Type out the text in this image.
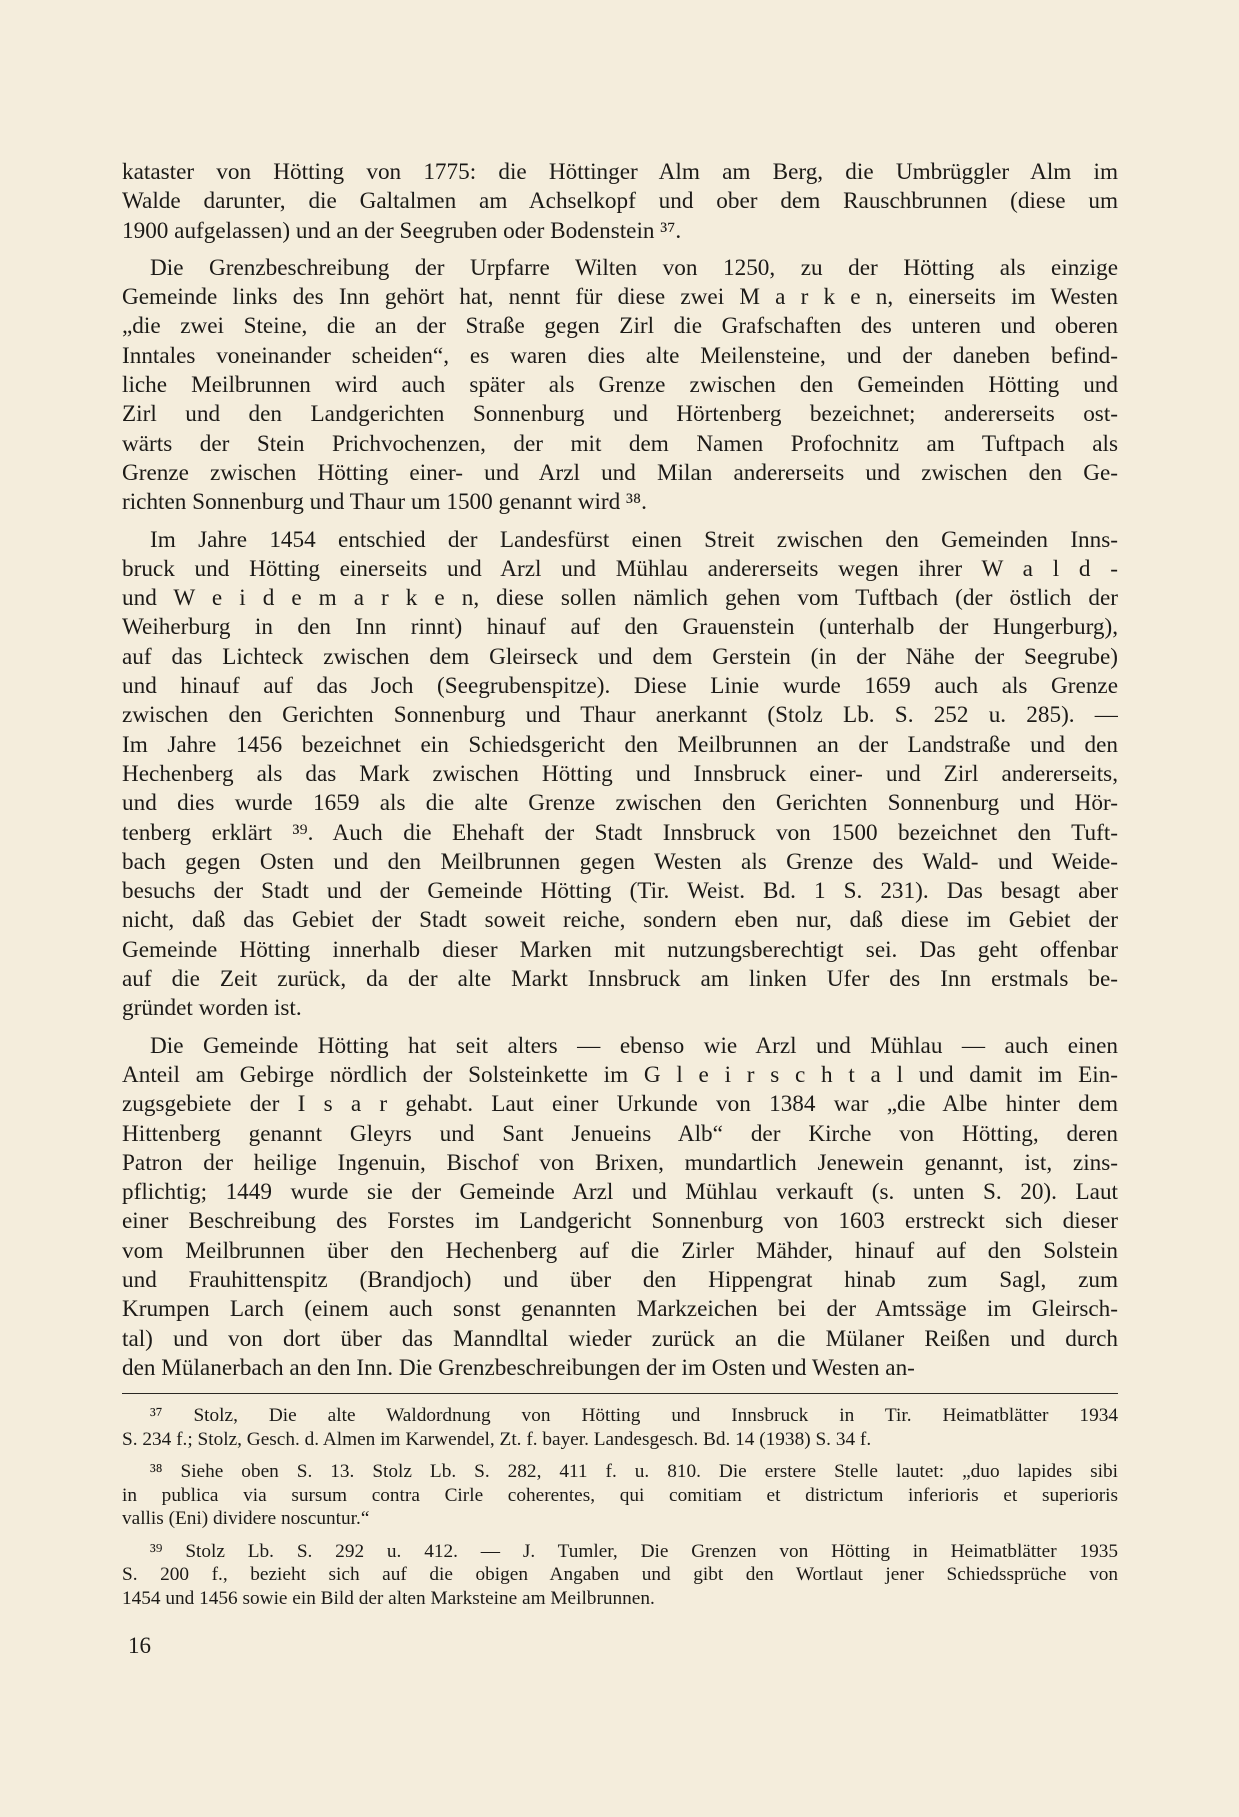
kataster von Hötting von 1775: die Höttinger Alm am Berg, die Umbrüggler Alm im
Walde darunter, die Galtalmen am Achselkopf und ober dem Rauschbrunnen (diese um
1900 aufgelassen) und an der Seegruben oder Bodenstein ³⁷.
Die Grenzbeschreibung der Urpfarre Wilten von 1250, zu der Hötting als einzige
Gemeinde links des Inn gehört hat, nennt für diese zwei M a r k e n, einerseits im Westen
„die zwei Steine, die an der Straße gegen Zirl die Grafschaften des unteren und oberen
Inntales voneinander scheiden“, es waren dies alte Meilensteine, und der daneben befind-
liche Meilbrunnen wird auch später als Grenze zwischen den Gemeinden Hötting und
Zirl und den Landgerichten Sonnenburg und Hörtenberg bezeichnet; andererseits ost-
wärts der Stein Prichvochenzen, der mit dem Namen Profochnitz am Tuftpach als
Grenze zwischen Hötting einer- und Arzl und Milan andererseits und zwischen den Ge-
richten Sonnenburg und Thaur um 1500 genannt wird ³⁸.
Im Jahre 1454 entschied der Landesfürst einen Streit zwischen den Gemeinden Inns-
bruck und Hötting einerseits und Arzl und Mühlau andererseits wegen ihrer W a l d -
und W e i d e m a r k e n, diese sollen nämlich gehen vom Tuftbach (der östlich der
Weiherburg in den Inn rinnt) hinauf auf den Grauenstein (unterhalb der Hungerburg),
auf das Lichteck zwischen dem Gleirseck und dem Gerstein (in der Nähe der Seegrube)
und hinauf auf das Joch (Seegrubenspitze). Diese Linie wurde 1659 auch als Grenze
zwischen den Gerichten Sonnenburg und Thaur anerkannt (Stolz Lb. S. 252 u. 285). —
Im Jahre 1456 bezeichnet ein Schiedsgericht den Meilbrunnen an der Landstraße und den
Hechenberg als das Mark zwischen Hötting und Innsbruck einer- und Zirl andererseits,
und dies wurde 1659 als die alte Grenze zwischen den Gerichten Sonnenburg und Hör-
tenberg erklärt ³⁹. Auch die Ehehaft der Stadt Innsbruck von 1500 bezeichnet den Tuft-
bach gegen Osten und den Meilbrunnen gegen Westen als Grenze des Wald- und Weide-
besuchs der Stadt und der Gemeinde Hötting (Tir. Weist. Bd. 1 S. 231). Das besagt aber
nicht, daß das Gebiet der Stadt soweit reiche, sondern eben nur, daß diese im Gebiet der
Gemeinde Hötting innerhalb dieser Marken mit nutzungsberechtigt sei. Das geht offenbar
auf die Zeit zurück, da der alte Markt Innsbruck am linken Ufer des Inn erstmals be-
gründet worden ist.
Die Gemeinde Hötting hat seit alters — ebenso wie Arzl und Mühlau — auch einen
Anteil am Gebirge nördlich der Solsteinkette im G l e i r s c h t a l und damit im Ein-
zugsgebiete der I s a r gehabt. Laut einer Urkunde von 1384 war „die Albe hinter dem
Hittenberg genannt Gleyrs und Sant Jenueins Alb“ der Kirche von Hötting, deren
Patron der heilige Ingenuin, Bischof von Brixen, mundartlich Jenewein genannt, ist, zins-
pflichtig; 1449 wurde sie der Gemeinde Arzl und Mühlau verkauft (s. unten S. 20). Laut
einer Beschreibung des Forstes im Landgericht Sonnenburg von 1603 erstreckt sich dieser
vom Meilbrunnen über den Hechenberg auf die Zirler Mähder, hinauf auf den Solstein
und Frauhittenspitz (Brandjoch) und über den Hippengrat hinab zum Sagl, zum
Krumpen Larch (einem auch sonst genannten Markzeichen bei der Amtssäge im Gleirsch-
tal) und von dort über das Manndltal wieder zurück an die Mülaner Reißen und durch
den Mülanerbach an den Inn. Die Grenzbeschreibungen der im Osten und Westen an-
³⁷ Stolz, Die alte Waldordnung von Hötting und Innsbruck in Tir. Heimatblätter 1934
S. 234 f.; Stolz, Gesch. d. Almen im Karwendel, Zt. f. bayer. Landesgesch. Bd. 14 (1938) S. 34 f.
³⁸ Siehe oben S. 13. Stolz Lb. S. 282, 411 f. u. 810. Die erstere Stelle lautet: „duo lapides sibi
in publica via sursum contra Cirle coherentes, qui comitiam et districtum inferioris et superioris
vallis (Eni) dividere noscuntur.“
³⁹ Stolz Lb. S. 292 u. 412. — J. Tumler, Die Grenzen von Hötting in Heimatblätter 1935
S. 200 f., bezieht sich auf die obigen Angaben und gibt den Wortlaut jener Schiedssprüche von
1454 und 1456 sowie ein Bild der alten Marksteine am Meilbrunnen.
16
